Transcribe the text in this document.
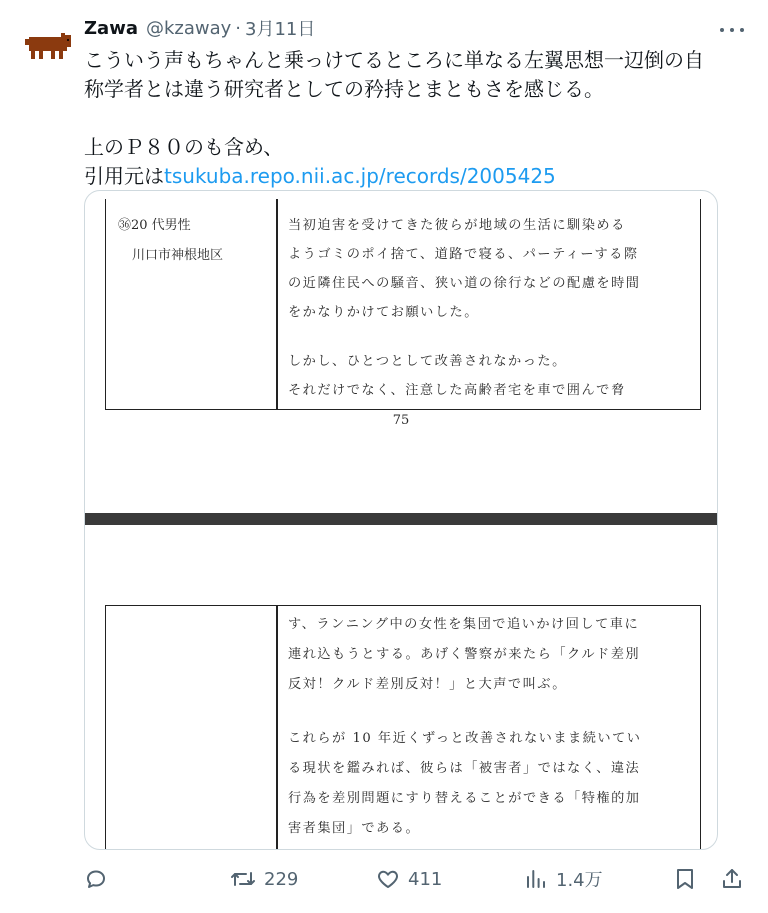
Zawa @kzaway · 3月11日

こういう声もちゃんと乗っけてるところに単なる左翼思想一辺倒の自

称学者とは違う研究者としての矜持とまともさを感じる。

上のＰ８０のも含め、

引用元はtsukuba.repo.nii.ac.jp/records/2005425

㊱20 代男性
川口市神根地区

当初迫害を受けてきた彼らが地域の生活に馴染める

ようゴミのポイ捨て、道路で寝る、パーティーする際

の近隣住民への騒音、狭い道の徐行などの配慮を時間

をかなりかけてお願いした。

しかし、ひとつとして改善されなかった。

それだけでなく、注意した高齢者宅を車で囲んで脅

75

す、ランニング中の女性を集団で追いかけ回して車に

連れ込もうとする。あげく警察が来たら「クルド差別

反対！クルド差別反対！」と大声で叫ぶ。

これらが 10 年近くずっと改善されないまま続いてい

る現状を鑑みれば、彼らは「被害者」ではなく、違法

行為を差別問題にすり替えることができる「特権的加

害者集団」である。

229	411	1.4万
